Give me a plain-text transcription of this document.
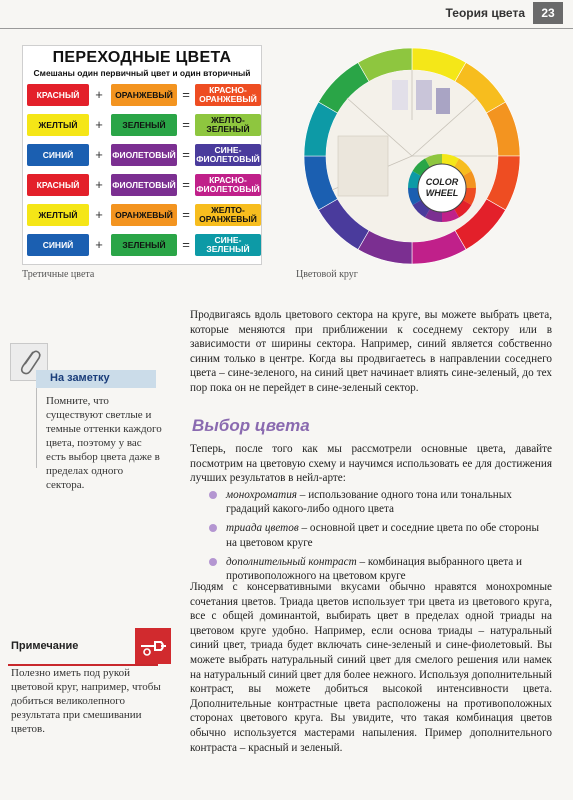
Теория цвета	23
ПЕРЕХОДНЫЕ ЦВЕТА
Смешаны один первичный цвет и один вторичный
КРАСНЫЙ	+	ОРАНЖЕВЫЙ =	КРАСНО-ОРАНЖЕВЫЙ
ЖЕЛТЫЙ	+	ЗЕЛЕНЫЙ	=	ЖЕЛТО-ЗЕЛЕНЫЙ
СИНИЙ	+	ФИОЛЕТОВЫЙ =	СИНЕ-ФИОЛЕТОВЫЙ
КРАСНЫЙ	+	ФИОЛЕТОВЫЙ =	КРАСНО-ФИОЛЕТОВЫЙ
ЖЕЛТЫЙ	+	ОРАНЖЕВЫЙ =	ЖЕЛТО-ОРАНЖЕВЫЙ
СИНИЙ	+	ЗЕЛЕНЫЙ	=	СИНЕ-ЗЕЛЕНЫЙ
Третичные цвета
COLOR
WHEEL
Цветовой круг
Продвигаясь вдоль цветового сектора на круге, вы можете выбрать цвета, которые меняются при приближении к соседнему сектору или в зависимости от ширины сектора. Например, синий является собственно синим только в центре. Когда вы продвигаетесь в направлении соседнего цвета – сине-зеленого, на синий цвет начинает влиять сине-зеленый, до тех пор пока он не перейдет в сине-зеленый сектор.
На заметку
Помните, что существуют светлые и темные оттенки каждого цвета, поэтому у вас есть выбор цвета даже в пределах одного сектора.
Выбор цвета
Теперь, после того как мы рассмотрели основные цвета, давайте посмотрим на цветовую схему и научимся использовать ее для достижения лучших результатов в нейл-арте:
монохроматия – использование одного тона или тональных градаций какого-либо одного цвета
триада цветов – основной цвет и соседние цвета по обе стороны на цветовом круге
дополнительный контраст – комбинация выбранного цвета и противоположного на цветовом круге
Людям с консервативными вкусами обычно нравятся монохромные сочетания цветов. Триада цветов использует три цвета из цветового круга, все с общей доминантой, выбирать цвет в пределах одной триады на цветовом круге удобно. Например, если основа триады – натуральный синий цвет, триада будет включать сине-зеленый и сине-фиолетовый. Вы можете выбрать натуральный синий цвет для смелого решения или намек на натуральный синий цвет для более нежного. Используя дополнительный контраст, вы можете добиться высокой интенсивности цвета. Дополнительные контрастные цвета расположены на противоположных сторонах цветового круга. Вы увидите, что такая комбинация цветов обычно используется мастерами напыления. Пример дополнительного контраста – красный и зеленый.
Примечание
Полезно иметь под рукой цветовой круг, например, чтобы добиться великолепного результата при смешивании цветов.
